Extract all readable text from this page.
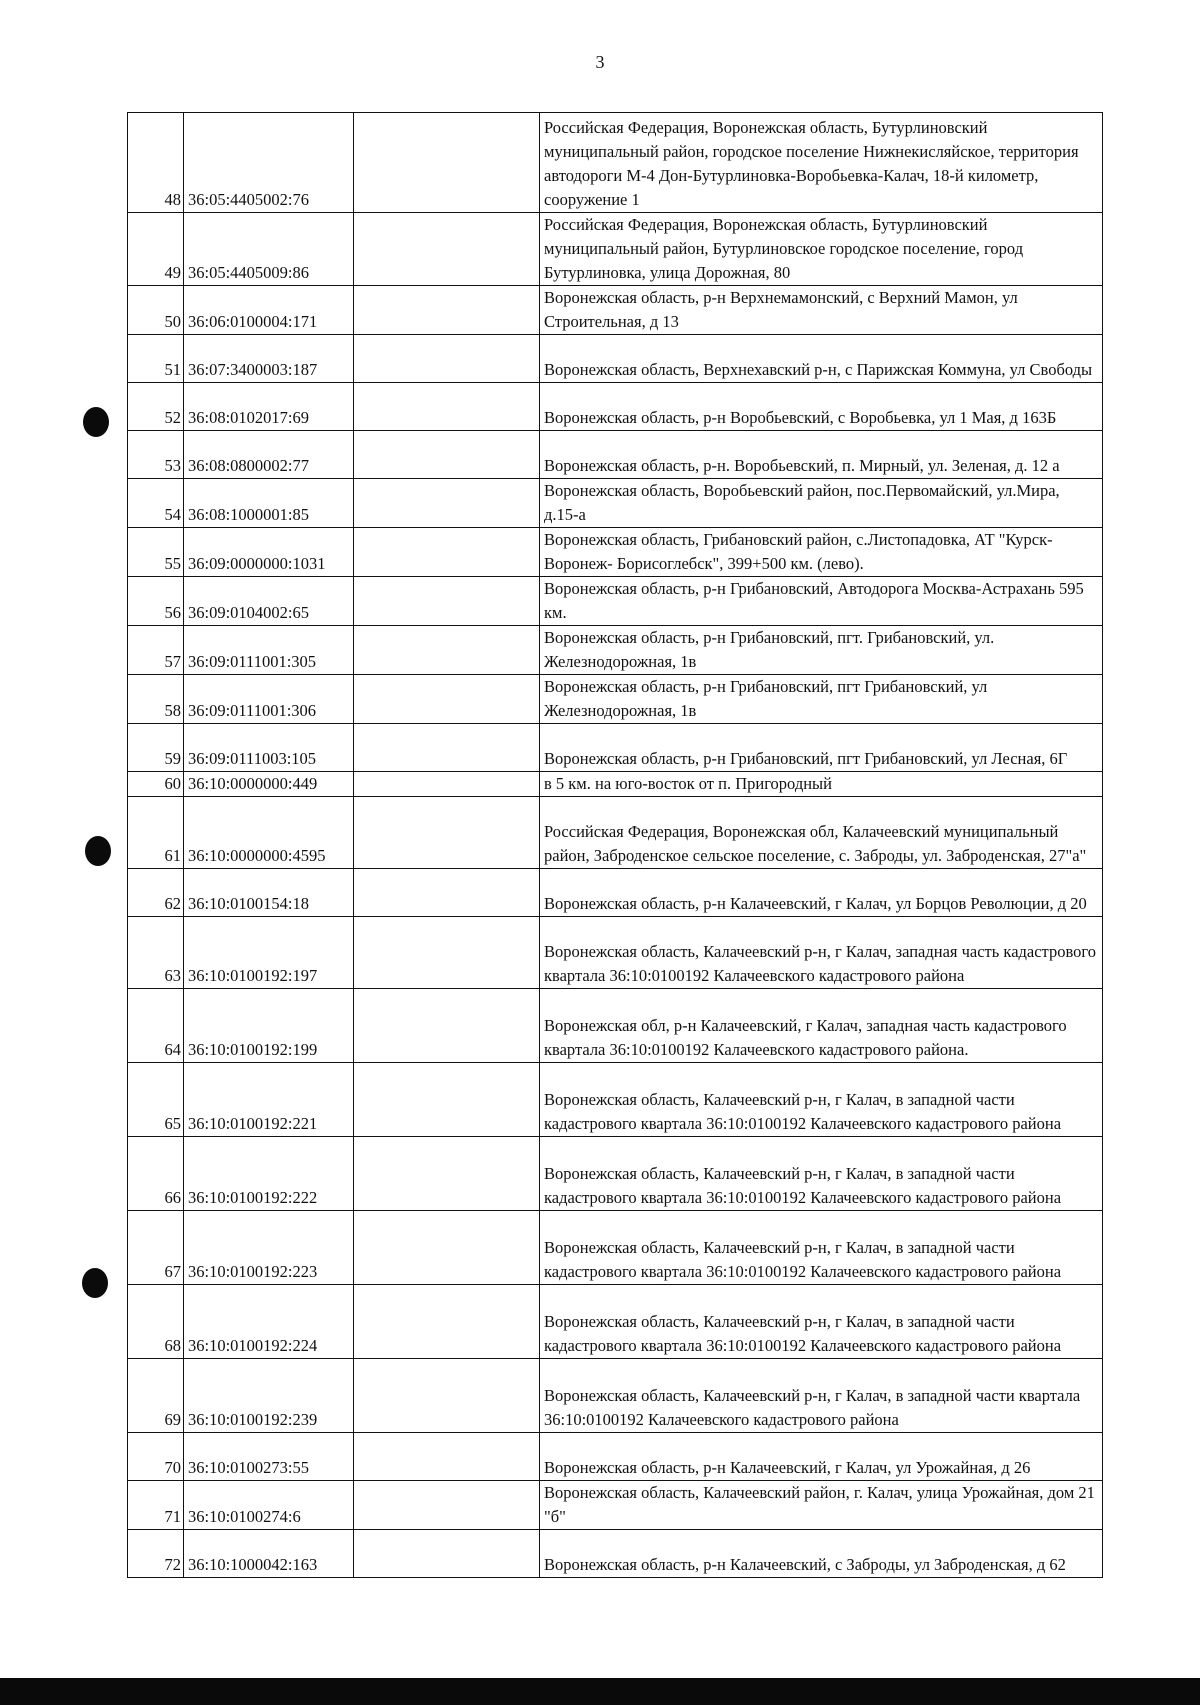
3
48	36:05:4405002:76		Российская Федерация, Воронежская область, Бутурлиновский муниципальный район, городское поселение Нижнекисляйское, территория автодороги М-4 Дон-Бутурлиновка-Воробьевка-Калач, 18-й километр, сооружение 1
49	36:05:4405009:86		Российская Федерация, Воронежская область, Бутурлиновский муниципальный район, Бутурлиновское городское поселение, город Бутурлиновка, улица Дорожная, 80
50	36:06:0100004:171		Воронежская область, р-н Верхнемамонский, с Верхний Мамон, ул Строительная, д 13
51	36:07:3400003:187		Воронежская область, Верхнехавский р-н, с Парижская Коммуна, ул Свободы
52	36:08:0102017:69		Воронежская область, р-н Воробьевский, с Воробьевка, ул 1 Мая, д 163Б
53	36:08:0800002:77		Воронежская область, р-н. Воробьевский, п. Мирный, ул. Зеленая, д. 12 а
54	36:08:1000001:85		Воронежская область, Воробьевский район, пос.Первомайский, ул.Мира, д.15-а
55	36:09:0000000:1031		Воронежская область, Грибановский район, с.Листопадовка, АТ "Курск-Воронеж- Борисоглебск", 399+500 км. (лево).
56	36:09:0104002:65		Воронежская область, р-н Грибановский, Автодорога Москва-Астрахань 595 км.
57	36:09:0111001:305		Воронежская область, р-н Грибановский, пгт. Грибановский, ул. Железнодорожная, 1в
58	36:09:0111001:306		Воронежская область, р-н Грибановский, пгт Грибановский, ул Железнодорожная, 1в
59	36:09:0111003:105		Воронежская область, р-н Грибановский, пгт Грибановский, ул Лесная, 6Г
60	36:10:0000000:449		в 5 км. на юго-восток от п. Пригородный
61	36:10:0000000:4595		Российская Федерация, Воронежская обл, Калачеевский муниципальный район, Заброденское сельское поселение, с. Заброды, ул. Заброденская, 27"а"
62	36:10:0100154:18		Воронежская область, р-н Калачеевский, г Калач, ул Борцов Революции, д 20
63	36:10:0100192:197		Воронежская область, Калачеевский р-н, г Калач, западная часть кадастрового квартала 36:10:0100192 Калачеевского кадастрового района
64	36:10:0100192:199		Воронежская обл, р-н Калачеевский, г Калач, западная часть кадастрового квартала 36:10:0100192 Калачеевского кадастрового района.
65	36:10:0100192:221		Воронежская область, Калачеевский р-н, г Калач, в западной части кадастрового квартала 36:10:0100192 Калачеевского кадастрового района
66	36:10:0100192:222		Воронежская область, Калачеевский р-н, г Калач, в западной части кадастрового квартала 36:10:0100192 Калачеевского кадастрового района
67	36:10:0100192:223		Воронежская область, Калачеевский р-н, г Калач, в западной части кадастрового квартала 36:10:0100192 Калачеевского кадастрового района
68	36:10:0100192:224		Воронежская область, Калачеевский р-н, г Калач, в западной части кадастрового квартала 36:10:0100192 Калачеевского кадастрового района
69	36:10:0100192:239		Воронежская область, Калачеевский р-н, г Калач, в западной части квартала 36:10:0100192 Калачеевского кадастрового района
70	36:10:0100273:55		Воронежская область, р-н Калачеевский, г Калач, ул Урожайная, д 26
71	36:10:0100274:6		Воронежская область, Калачеевский район, г. Калач, улица Урожайная, дом 21 "б"
72	36:10:1000042:163		Воронежская область, р-н Калачеевский, с Заброды, ул Заброденская, д 62
